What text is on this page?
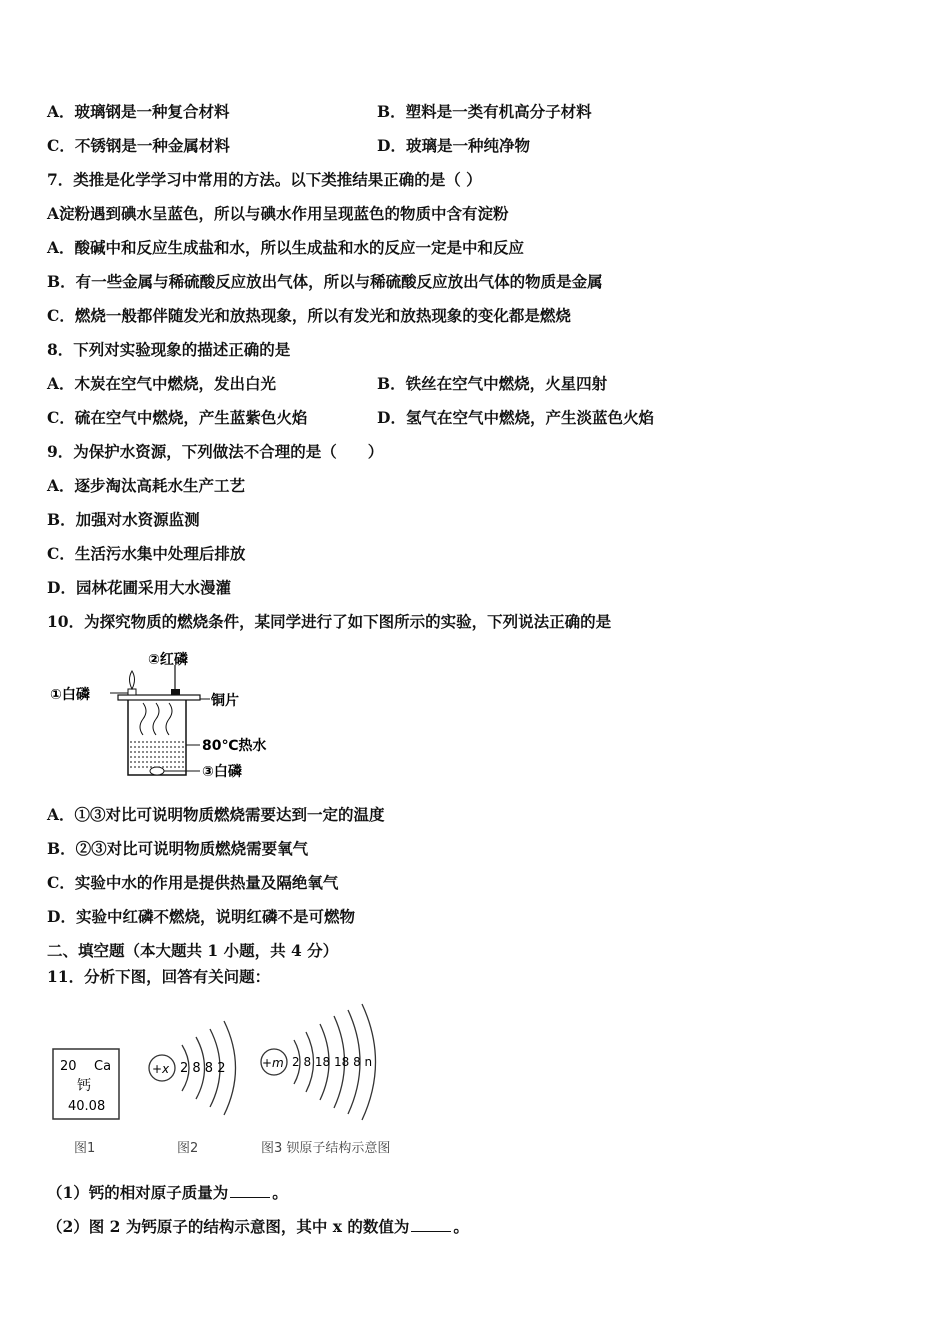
A．玻璃钢是一种复合材料	B．塑料是一类有机高分子材料
C．不锈钢是一种金属材料	D．玻璃是一种纯净物
7．类推是化学学习中常用的方法。以下类推结果正确的是（ ）
A淀粉遇到碘水呈蓝色，所以与碘水作用呈现蓝色的物质中含有淀粉
A．酸碱中和反应生成盐和水，所以生成盐和水的反应一定是中和反应
B．有一些金属与稀硫酸反应放出气体，所以与稀硫酸反应放出气体的物质是金属
C．燃烧一般都伴随发光和放热现象，所以有发光和放热现象的变化都是燃烧
8．下列对实验现象的描述正确的是
A．木炭在空气中燃烧，发出白光	B．铁丝在空气中燃烧，火星四射
C．硫在空气中燃烧，产生蓝紫色火焰	D．氢气在空气中燃烧，产生淡蓝色火焰
9．为保护水资源，下列做法不合理的是（　　）
A．逐步淘汰高耗水生产工艺
B．加强对水资源监测
C．生活污水集中处理后排放
D．园林花圃采用大水漫灌
10．为探究物质的燃烧条件，某同学进行了如下图所示的实验，下列说法正确的是
②红磷
①白磷	铜片
80℃热水
③白磷
A．①③对比可说明物质燃烧需要达到一定的温度
B．②③对比可说明物质燃烧需要氧气
C．实验中水的作用是提供热量及隔绝氧气
D．实验中红磷不燃烧，说明红磷不是可燃物
二、填空题（本大题共 1 小题，共 4 分）
11．分析下图，回答有关问题：
20 Ca
钙
40.08
图1
+x 2 8 8 2
图2
+m 2 8 18 18 8 n
图3 钡原子结构示意图
（1）钙的相对原子质量为	。
（2）图 2 为钙原子的结构示意图，其中 x 的数值为	。
